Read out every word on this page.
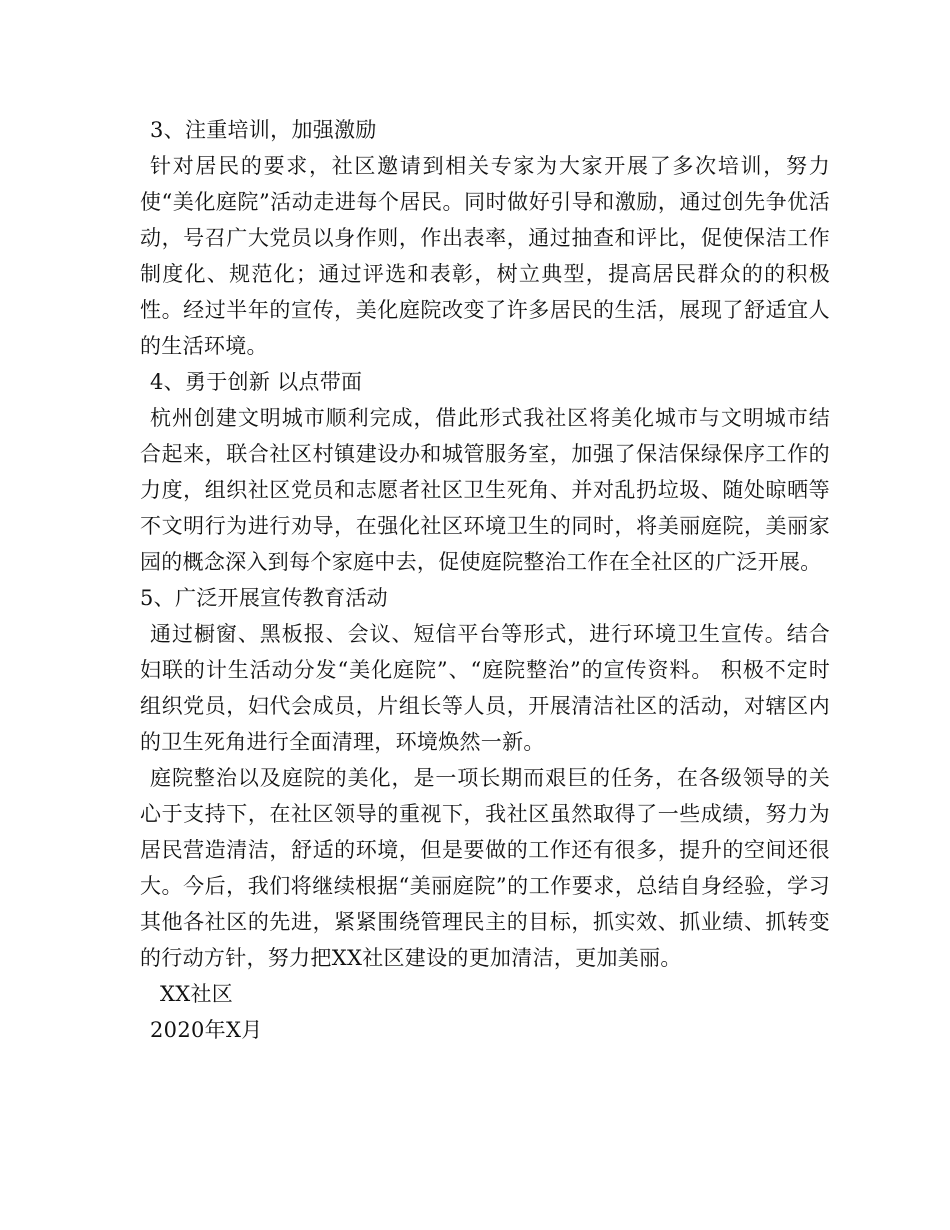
3、注重培训，加强激励

针对居民的要求，社区邀请到相关专家为大家开展了多次培训，努力使“美化庭院”活动走进每个居民。同时做好引导和激励，通过创先争优活动，号召广大党员以身作则，作出表率，通过抽查和评比，促使保洁工作制度化、规范化；通过评选和表彰，树立典型，提高居民群众的的积极性。经过半年的宣传，美化庭院改变了许多居民的生活，展现了舒适宜人的生活环境。

4、勇于创新 以点带面

杭州创建文明城市顺利完成，借此形式我社区将美化城市与文明城市结合起来，联合社区村镇建设办和城管服务室，加强了保洁保绿保序工作的力度，组织社区党员和志愿者社区卫生死角、并对乱扔垃圾、随处晾晒等不文明行为进行劝导，在强化社区环境卫生的同时，将美丽庭院，美丽家园的概念深入到每个家庭中去，促使庭院整治工作在全社区的广泛开展。

5、广泛开展宣传教育活动

通过橱窗、黑板报、会议、短信平台等形式，进行环境卫生宣传。结合妇联的计生活动分发“美化庭院”、“庭院整治”的宣传资料。 积极不定时组织党员，妇代会成员，片组长等人员，开展清洁社区的活动，对辖区内的卫生死角进行全面清理，环境焕然一新。

庭院整治以及庭院的美化，是一项长期而艰巨的任务，在各级领导的关心于支持下，在社区领导的重视下，我社区虽然取得了一些成绩，努力为居民营造清洁，舒适的环境，但是要做的工作还有很多，提升的空间还很大。今后，我们将继续根据“美丽庭院”的工作要求，总结自身经验，学习其他各社区的先进，紧紧围绕管理民主的目标，抓实效、抓业绩、抓转变的行动方针，努力把XX社区建设的更加清洁，更加美丽。

XX社区

2020年X月
